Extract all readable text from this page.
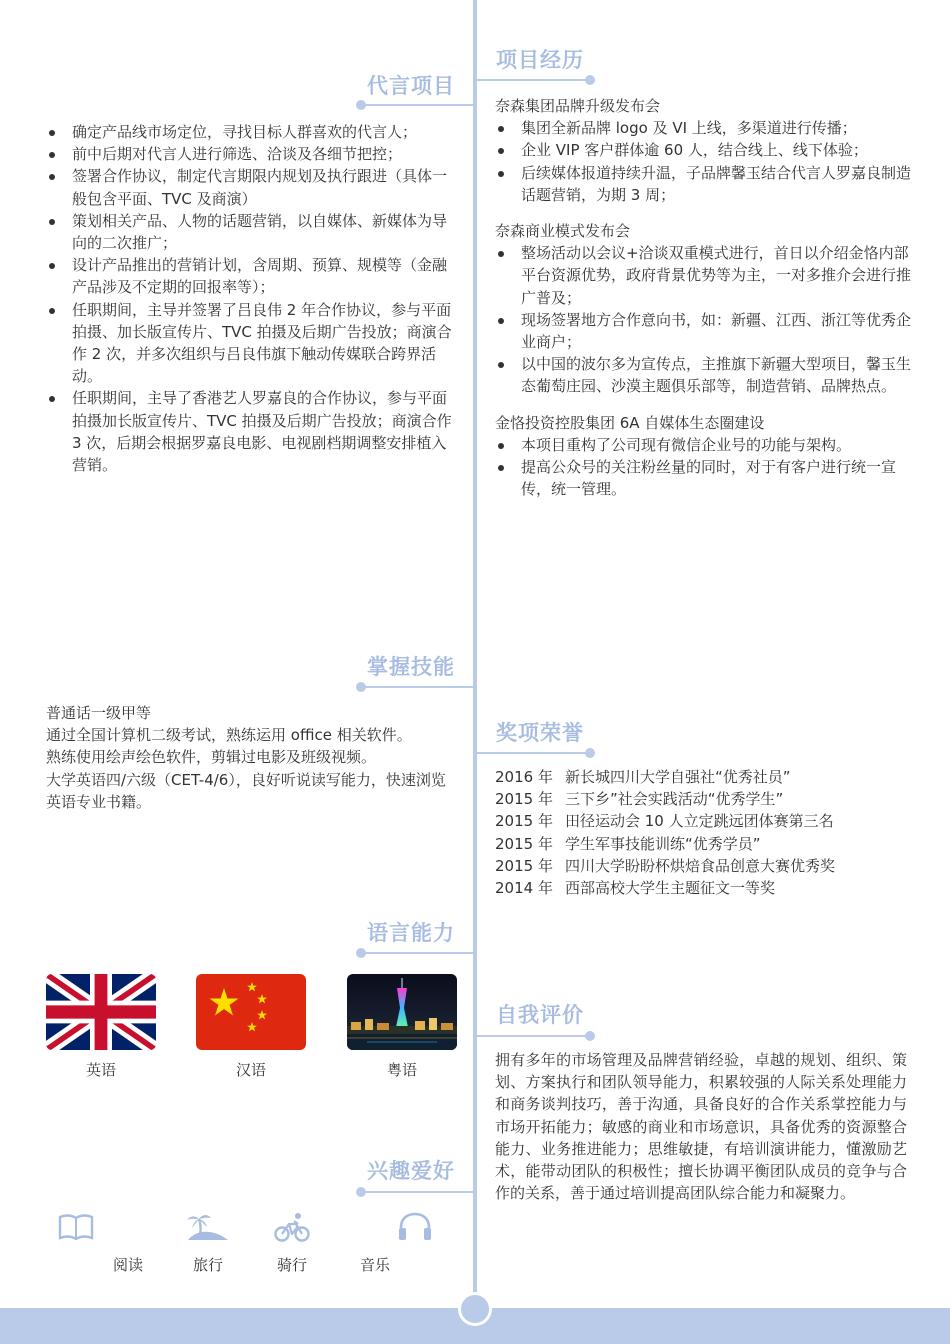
代言项目
确定产品线市场定位，寻找目标人群喜欢的代言人；
前中后期对代言人进行筛选、洽谈及各细节把控；
签署合作协议，制定代言期限内规划及执行跟进（具体一般包含平面、TVC 及商演）
策划相关产品、人物的话题营销，以自媒体、新媒体为导向的二次推广；
设计产品推出的营销计划，含周期、预算、规模等（金融产品涉及不定期的回报率等）；
任职期间，主导并签署了吕良伟 2 年合作协议，参与平面拍摄、加长版宣传片、TVC 拍摄及后期广告投放；商演合作 2 次，并多次组织与吕良伟旗下触动传媒联合跨界活动。
任职期间，主导了香港艺人罗嘉良的合作协议，参与平面拍摄加长版宣传片、TVC 拍摄及后期广告投放；商演合作 3 次，后期会根据罗嘉良电影、电视剧档期调整安排植入营销。
项目经历

奈森集团品牌升级发布会

集团全新品牌 logo 及 VI 上线，多渠道进行传播；
企业 VIP 客户群体逾 60 人，结合线上、线下体验；
后续媒体报道持续升温，子品牌馨玉结合代言人罗嘉良制造话题营销，为期 3 周；

奈森商业模式发布会

整场活动以会议+洽谈双重模式进行，首日以介绍金恪内部平台资源优势，政府背景优势等为主，一对多推介会进行推广普及；
现场签署地方合作意向书，如：新疆、江西、浙江等优秀企业商户；
以中国的波尔多为宣传点，主推旗下新疆大型项目，馨玉生态葡萄庄园、沙漠主题俱乐部等，制造营销、品牌热点。

金恪投资控股集团 6A 自媒体生态圈建设

本项目重构了公司现有微信企业号的功能与架构。
提高公众号的关注粉丝量的同时，对于有客户进行统一宣传，统一管理。
掌握技能

普通话一级甲等

通过全国计算机二级考试，熟练运用 office 相关软件。

熟练使用绘声绘色软件，剪辑过电影及班级视频。

大学英语四/六级（CET-4/6），良好听说读写能力，快速浏览英语专业书籍。

奖项荣誉
2016 年 新长城四川大学自强社“优秀社员”
2015 年 三下乡”社会实践活动“优秀学生”
2015 年 田径运动会 10 人立定跳远团体赛第三名
2015 年 学生军事技能训练“优秀学员”
2015 年 四川大学盼盼杯烘焙食品创意大赛优秀奖
2014 年 西部高校大学生主题征文一等奖
语言能力
英语	汉语	粤语
自我评价

拥有多年的市场管理及品牌营销经验，卓越的规划、组织、策划、方案执行和团队领导能力，积累较强的人际关系处理能力和商务谈判技巧，善于沟通，具备良好的合作关系掌控能力与市场开拓能力；敏感的商业和市场意识，具备优秀的资源整合能力、业务推进能力；思维敏捷，有培训演讲能力，懂激励艺术，能带动团队的积极性；擅长协调平衡团队成员的竞争与合作的关系，善于通过培训提高团队综合能力和凝聚力。

兴趣爱好
阅读	旅行	骑行	音乐
